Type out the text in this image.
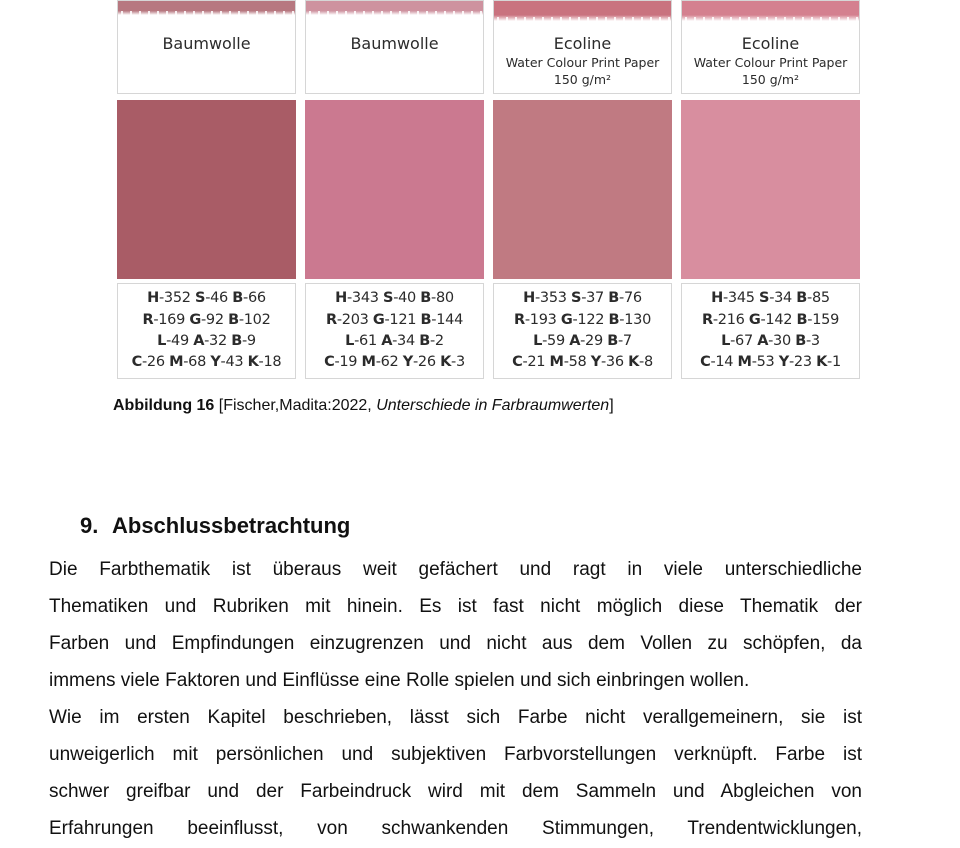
Baumwolle
H-352 S-46 B-66
R-169 G-92 B-102
L-49 A-32 B-9
C-26 M-68 Y-43 K-18
Baumwolle
H-343 S-40 B-80
R-203 G-121 B-144
L-61 A-34 B-2
C-19 M-62 Y-26 K-3
Ecoline
Water Colour Print Paper
150 g/m²
H-353 S-37 B-76
R-193 G-122 B-130
L-59 A-29 B-7
C-21 M-58 Y-36 K-8
Ecoline
Water Colour Print Paper
150 g/m²
H-345 S-34 B-85
R-216 G-142 B-159
L-67 A-30 B-3
C-14 M-53 Y-23 K-1
Abbildung 16 [Fischer,Madita:2022, Unterschiede in Farbraumwerten]
9. Abschlussbetrachtung
Die Farbthematik ist überaus weit gefächert und ragt in viele unterschiedliche
Thematiken und Rubriken mit hinein. Es ist fast nicht möglich diese Thematik der
Farben und Empfindungen einzugrenzen und nicht aus dem Vollen zu schöpfen, da
immens viele Faktoren und Einflüsse eine Rolle spielen und sich einbringen wollen.
Wie im ersten Kapitel beschrieben, lässt sich Farbe nicht verallgemeinern, sie ist
unweigerlich mit persönlichen und subjektiven Farbvorstellungen verknüpft. Farbe ist
schwer greifbar und der Farbeindruck wird mit dem Sammeln und Abgleichen von
Erfahrungen beeinflusst, von schwankenden Stimmungen, Trendentwicklungen,
